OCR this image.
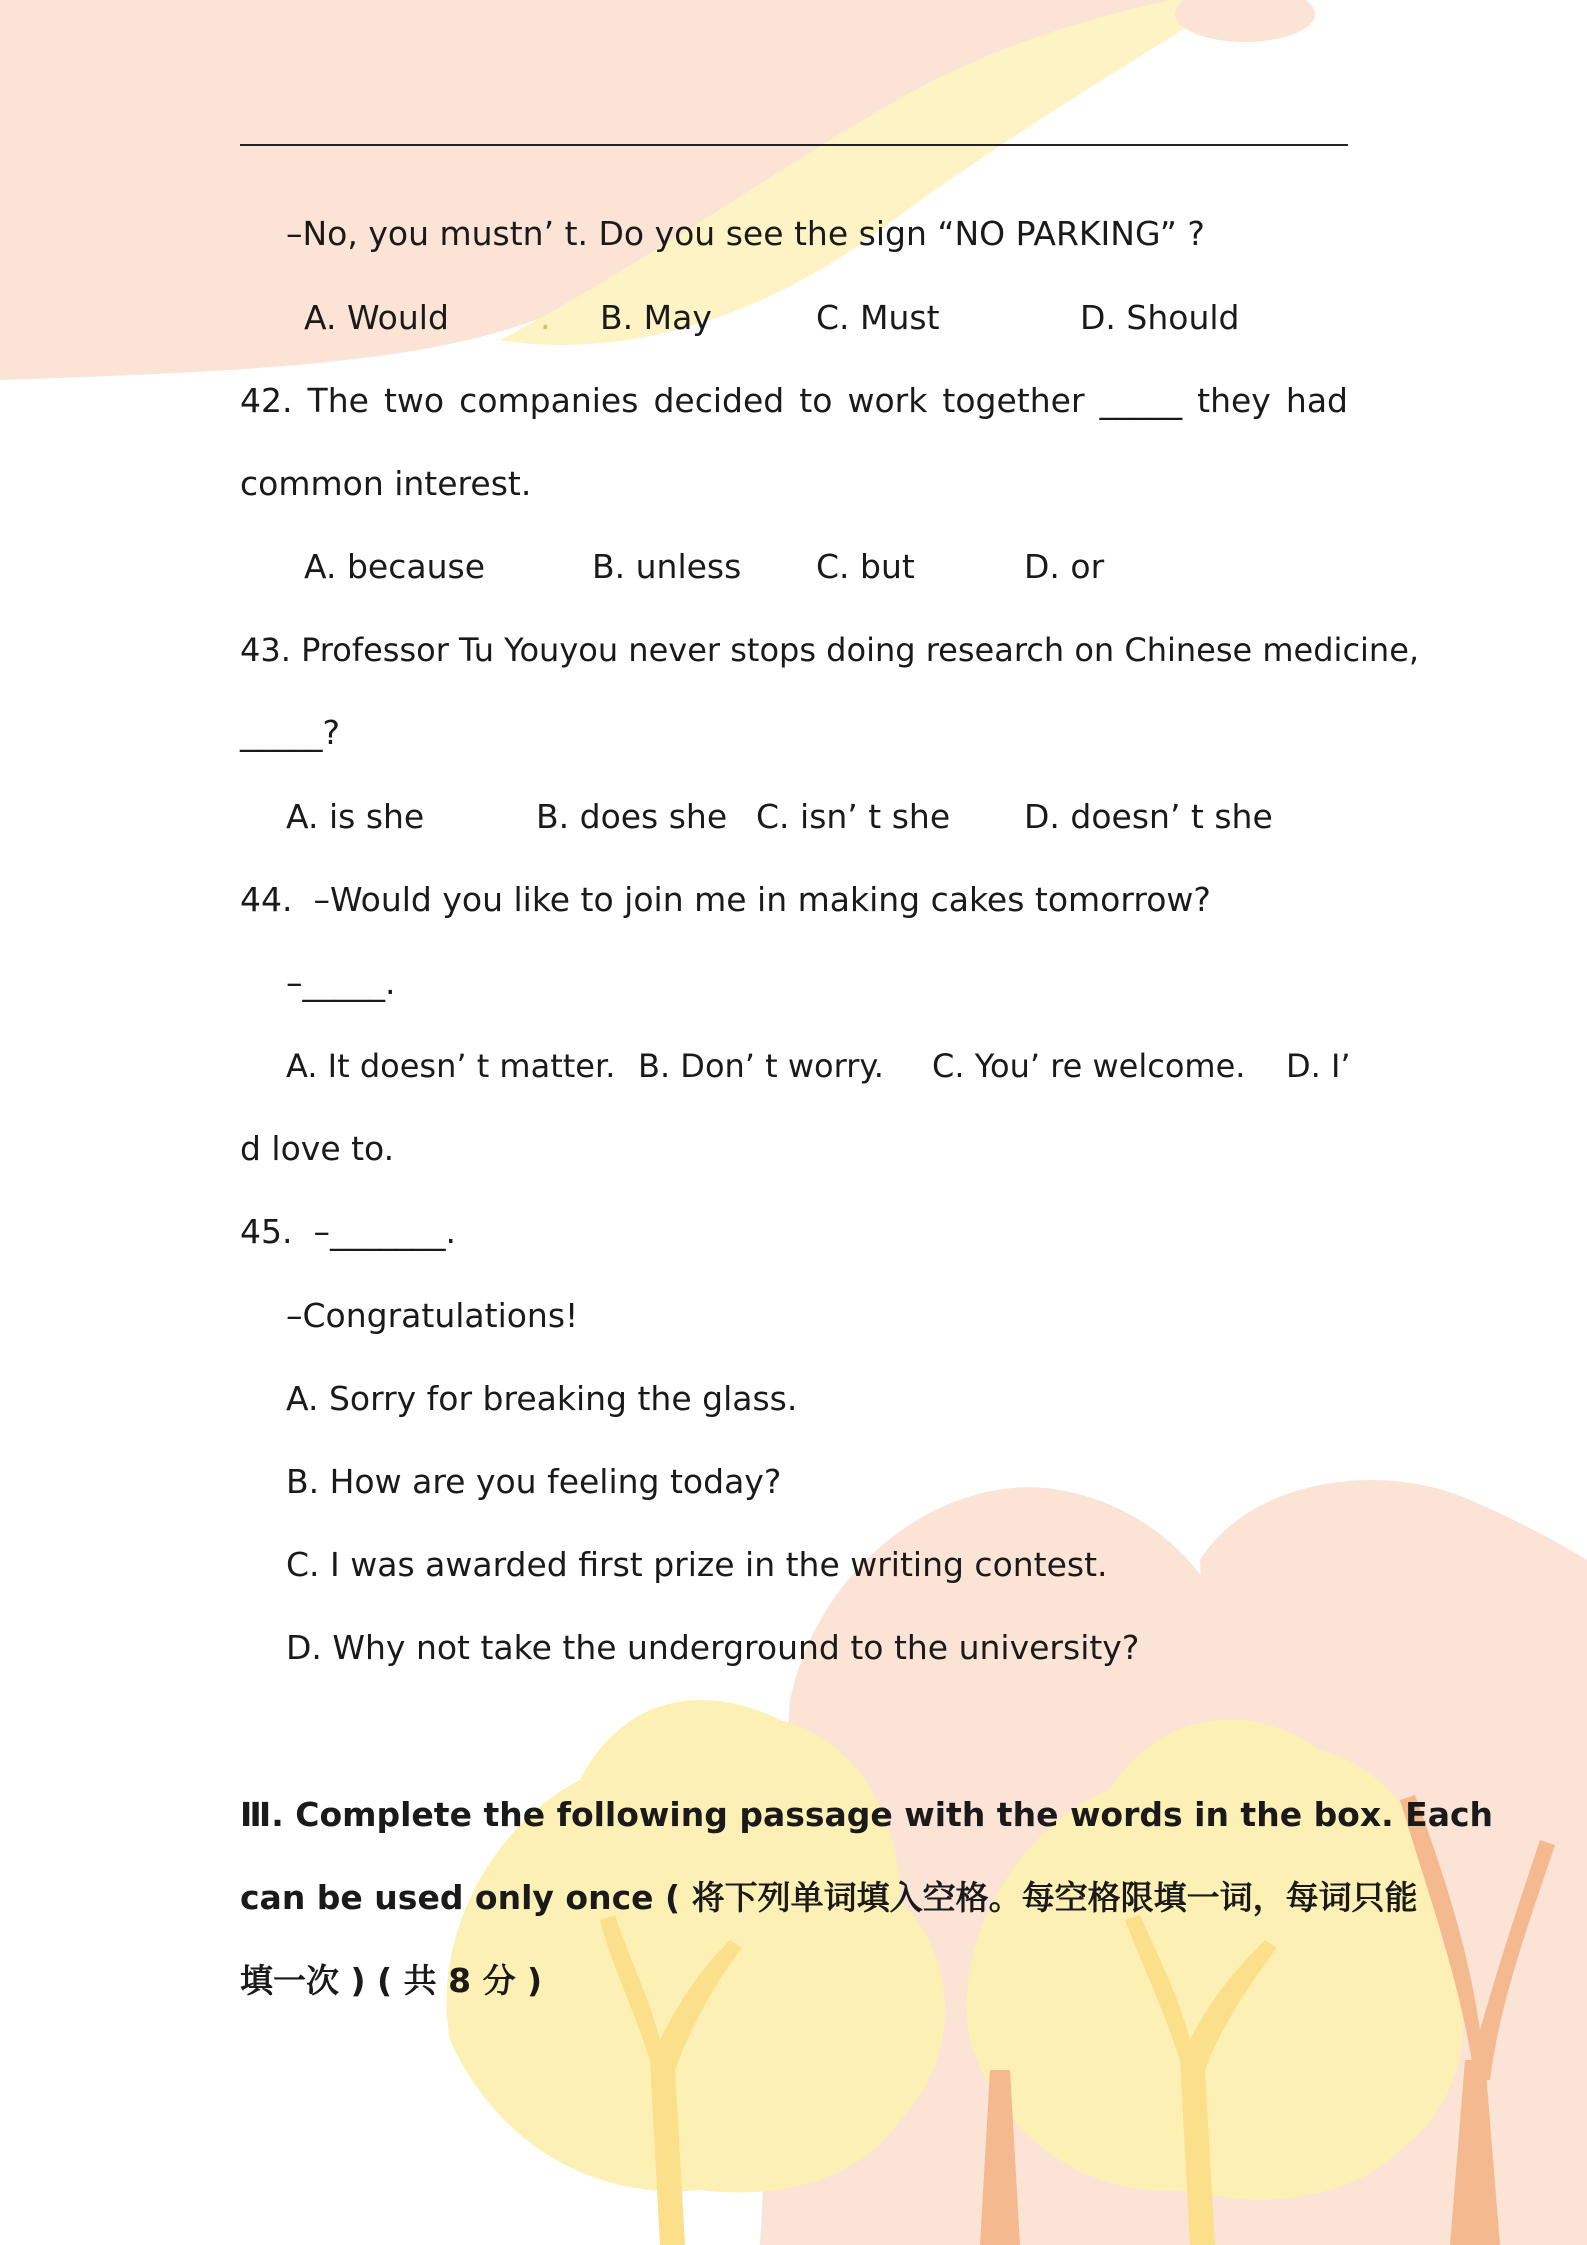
–No, you mustn’ t. Do you see the sign “NO PARKING” ?
A. Would	. B. May	C. Must	D. Should
42. The two companies decided to work together _____ they had
common interest.
A. because	B. unless C. but	D. or
43. Professor Tu Youyou never stops doing research on Chinese medicine,
_____?
A. is she	B. does she C. isn’ t she D. doesn’ t she
44.  –Would you like to join me in making cakes tomorrow?
–_____.
A. It doesn’ t matter. B. Don’ t worry. C. You’ re welcome. D. I’
d love to.
45.  –_______.
–Congratulations!
A. Sorry for breaking the glass.
B. How are you feeling today?
C. I was awarded first prize in the writing contest.
D. Why not take the underground to the university?
Ⅲ. Complete the following passage with the words in the box. Each
can be used only once ( 将下列单词填入空格。每空格限填一词，每词只能
填一次 ) ( 共 8 分 )
